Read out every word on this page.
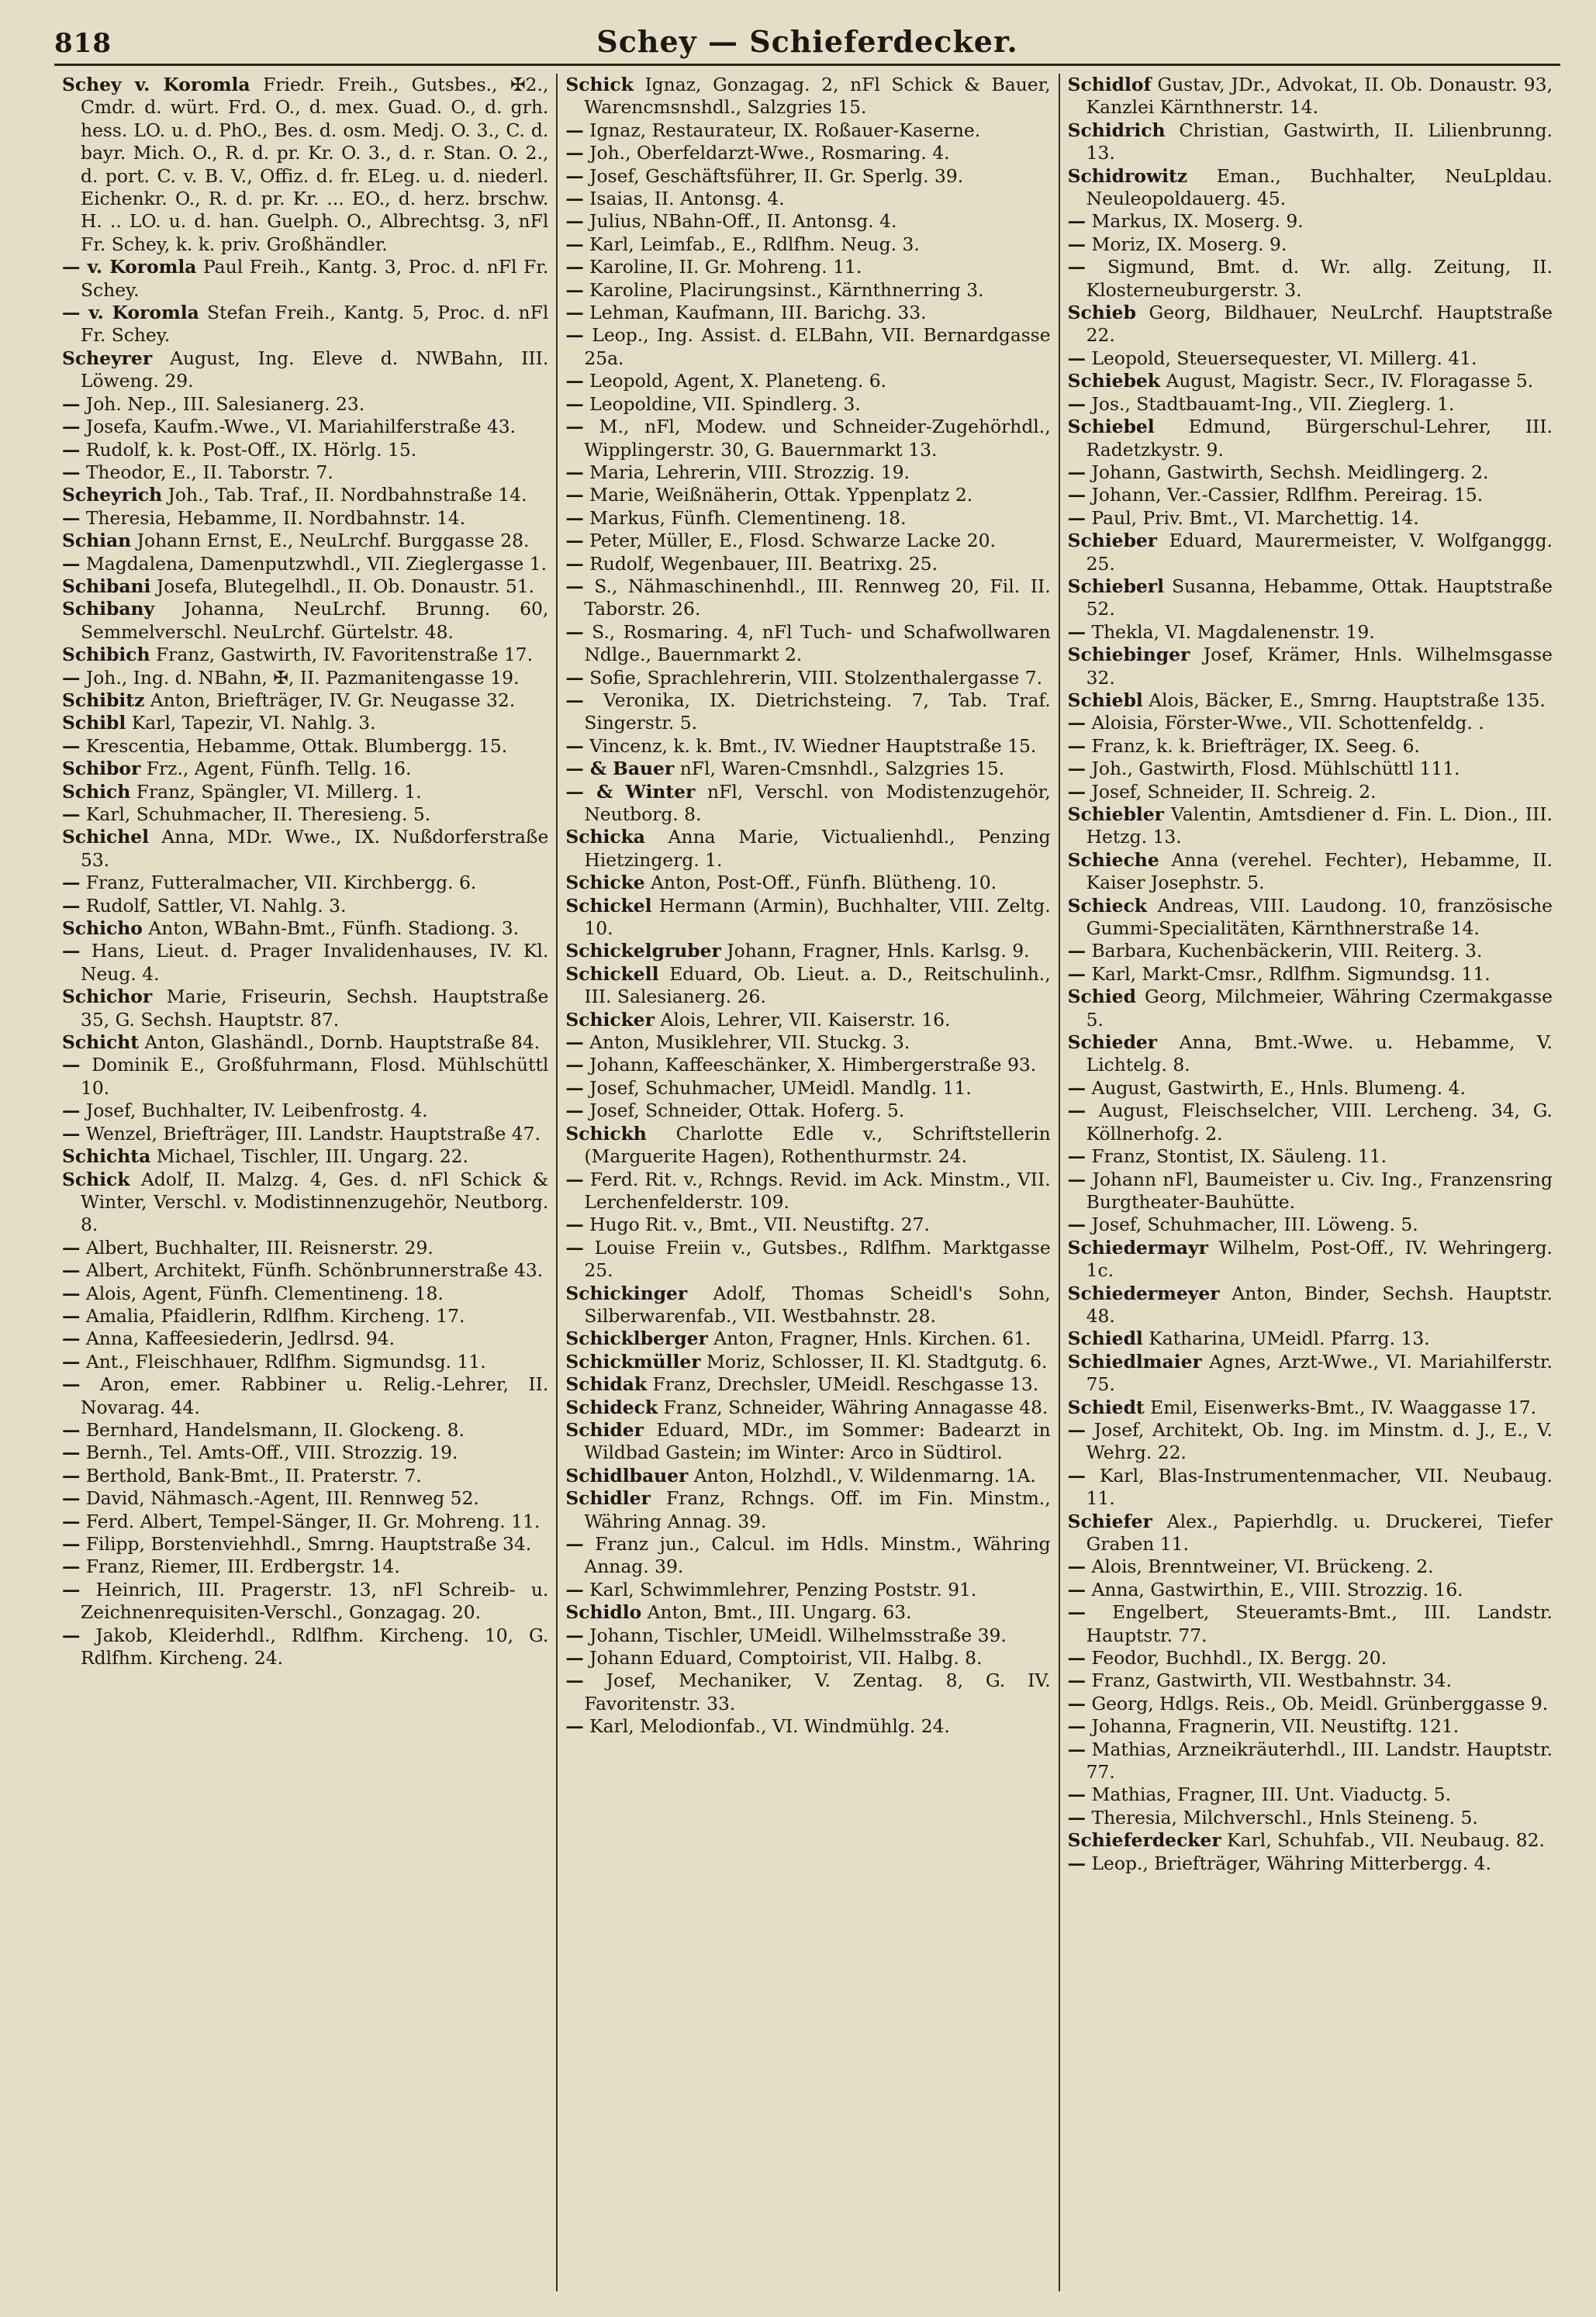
818	Schey — Schieferdecker.
Schey v. Koromla Friedr. Freih., Gutsbes., ✠2., Cmdr. d. würt. Frd. O., d. mex. Guad. O., d. grh. hess. LO. u. d. PhO., Bes. d. osm. Medj. O. 3., C. d. bayr. Mich. O., R. d. pr. Kr. O. 3., d. r. Stan. O. 2., d. port. C. v. B. V., Offiz. d. fr. ELeg. u. d. niederl. Eichenkr. O., R. d. pr. Kr. ... EO., d. herz. brschw. H. .. LO. u. d. han. Guelph. O., Albrechtsg. 3, nFl Fr. Schey, k. k. priv. Großhändler.
— v. Koromla Paul Freih., Kantg. 3, Proc. d. nFl Fr. Schey.
— v. Koromla Stefan Freih., Kantg. 5, Proc. d. nFl Fr. Schey.
Scheyrer August, Ing. Eleve d. NWBahn, III. Löweng. 29.
— Joh. Nep., III. Salesianerg. 23.
— Josefa, Kaufm.-Wwe., VI. Mariahilferstraße 43.
— Rudolf, k. k. Post-Off., IX. Hörlg. 15.
— Theodor, E., II. Taborstr. 7.
Scheyrich Joh., Tab. Traf., II. Nordbahnstraße 14.
— Theresia, Hebamme, II. Nordbahnstr. 14.
Schian Johann Ernst, E., NeuLrchf. Burggasse 28.
— Magdalena, Damenputzwhdl., VII. Zieglergasse 1.
Schibani Josefa, Blutegelhdl., II. Ob. Donaustr. 51.
Schibany Johanna, NeuLrchf. Brunng. 60, Semmelverschl. NeuLrchf. Gürtelstr. 48.
Schibich Franz, Gastwirth, IV. Favoritenstraße 17.
— Joh., Ing. d. NBahn, ✠, II. Pazmanitengasse 19.
Schibitz Anton, Briefträger, IV. Gr. Neugasse 32.
Schibl Karl, Tapezir, VI. Nahlg. 3.
— Krescentia, Hebamme, Ottak. Blumbergg. 15.
Schibor Frz., Agent, Fünfh. Tellg. 16.
Schich Franz, Spängler, VI. Millerg. 1.
— Karl, Schuhmacher, II. Theresieng. 5.
Schichel Anna, MDr. Wwe., IX. Nußdorferstraße 53.
— Franz, Futteralmacher, VII. Kirchbergg. 6.
— Rudolf, Sattler, VI. Nahlg. 3.
Schicho Anton, WBahn-Bmt., Fünfh. Stadiong. 3.
— Hans, Lieut. d. Prager Invalidenhauses, IV. Kl. Neug. 4.
Schichor Marie, Friseurin, Sechsh. Hauptstraße 35, G. Sechsh. Hauptstr. 87.
Schicht Anton, Glashändl., Dornb. Hauptstraße 84.
— Dominik E., Großfuhrmann, Flosd. Mühlschüttl 10.
— Josef, Buchhalter, IV. Leibenfrostg. 4.
— Wenzel, Briefträger, III. Landstr. Hauptstraße 47.
Schichta Michael, Tischler, III. Ungarg. 22.
Schick Adolf, II. Malzg. 4, Ges. d. nFl Schick & Winter, Verschl. v. Modistinnenzugehör, Neutborg. 8.
— Albert, Buchhalter, III. Reisnerstr. 29.
— Albert, Architekt, Fünfh. Schönbrunnerstraße 43.
— Alois, Agent, Fünfh. Clementineng. 18.
— Amalia, Pfaidlerin, Rdlfhm. Kircheng. 17.
— Anna, Kaffeesiederin, Jedlrsd. 94.
— Ant., Fleischhauer, Rdlfhm. Sigmundsg. 11.
— Aron, emer. Rabbiner u. Relig.-Lehrer, II. Novarag. 44.
— Bernhard, Handelsmann, II. Glockeng. 8.
— Bernh., Tel. Amts-Off., VIII. Strozzig. 19.
— Berthold, Bank-Bmt., II. Praterstr. 7.
— David, Nähmasch.-Agent, III. Rennweg 52.
— Ferd. Albert, Tempel-Sänger, II. Gr. Mohreng. 11.
— Filipp, Borstenviehhdl., Smrng. Hauptstraße 34.
— Franz, Riemer, III. Erdbergstr. 14.
— Heinrich, III. Pragerstr. 13, nFl Schreib- u. Zeichnenrequisiten-Verschl., Gonzagag. 20.
— Jakob, Kleiderhdl., Rdlfhm. Kircheng. 10, G. Rdlfhm. Kircheng. 24.
Schick Ignaz, Gonzagag. 2, nFl Schick & Bauer, Warencmsnshdl., Salzgries 15.
— Ignaz, Restaurateur, IX. Roßauer-Kaserne.
— Joh., Oberfeldarzt-Wwe., Rosmaring. 4.
— Josef, Geschäftsführer, II. Gr. Sperlg. 39.
— Isaias, II. Antonsg. 4.
— Julius, NBahn-Off., II. Antonsg. 4.
— Karl, Leimfab., E., Rdlfhm. Neug. 3.
— Karoline, II. Gr. Mohreng. 11.
— Karoline, Placirungsinst., Kärnthnerring 3.
— Lehman, Kaufmann, III. Barichg. 33.
— Leop., Ing. Assist. d. ELBahn, VII. Bernardgasse 25a.
— Leopold, Agent, X. Planeteng. 6.
— Leopoldine, VII. Spindlerg. 3.
— M., nFl, Modew. und Schneider-Zugehörhdl., Wipplingerstr. 30, G. Bauernmarkt 13.
— Maria, Lehrerin, VIII. Strozzig. 19.
— Marie, Weißnäherin, Ottak. Yppenplatz 2.
— Markus, Fünfh. Clementineng. 18.
— Peter, Müller, E., Flosd. Schwarze Lacke 20.
— Rudolf, Wegenbauer, III. Beatrixg. 25.
— S., Nähmaschinenhdl., III. Rennweg 20, Fil. II. Taborstr. 26.
— S., Rosmaring. 4, nFl Tuch- und Schafwollwaren Ndlge., Bauernmarkt 2.
— Sofie, Sprachlehrerin, VIII. Stolzenthalergasse 7.
— Veronika, IX. Dietrichsteing. 7, Tab. Traf. Singerstr. 5.
— Vincenz, k. k. Bmt., IV. Wiedner Hauptstraße 15.
— & Bauer nFl, Waren-Cmsnhdl., Salzgries 15.
— & Winter nFl, Verschl. von Modistenzugehör, Neutborg. 8.
Schicka Anna Marie, Victualienhdl., Penzing Hietzingerg. 1.
Schicke Anton, Post-Off., Fünfh. Blütheng. 10.
Schickel Hermann (Armin), Buchhalter, VIII. Zeltg. 10.
Schickelgruber Johann, Fragner, Hnls. Karlsg. 9.
Schickell Eduard, Ob. Lieut. a. D., Reitschulinh., III. Salesianerg. 26.
Schicker Alois, Lehrer, VII. Kaiserstr. 16.
— Anton, Musiklehrer, VII. Stuckg. 3.
— Johann, Kaffeeschänker, X. Himbergerstraße 93.
— Josef, Schuhmacher, UMeidl. Mandlg. 11.
— Josef, Schneider, Ottak. Hoferg. 5.
Schickh Charlotte Edle v., Schriftstellerin (Marguerite Hagen), Rothenthurmstr. 24.
— Ferd. Rit. v., Rchngs. Revid. im Ack. Minstm., VII. Lerchenfelderstr. 109.
— Hugo Rit. v., Bmt., VII. Neustiftg. 27.
— Louise Freiin v., Gutsbes., Rdlfhm. Marktgasse 25.
Schickinger Adolf, Thomas Scheidl's Sohn, Silberwarenfab., VII. Westbahnstr. 28.
Schicklberger Anton, Fragner, Hnls. Kirchen. 61.
Schickmüller Moriz, Schlosser, II. Kl. Stadtgutg. 6.
Schidak Franz, Drechsler, UMeidl. Reschgasse 13.
Schideck Franz, Schneider, Währing Annagasse 48.
Schider Eduard, MDr., im Sommer: Badearzt in Wildbad Gastein; im Winter: Arco in Südtirol.
Schidlbauer Anton, Holzhdl., V. Wildenmarng. 1A.
Schidler Franz, Rchngs. Off. im Fin. Minstm., Währing Annag. 39.
— Franz jun., Calcul. im Hdls. Minstm., Währing Annag. 39.
— Karl, Schwimmlehrer, Penzing Poststr. 91.
Schidlo Anton, Bmt., III. Ungarg. 63.
— Johann, Tischler, UMeidl. Wilhelmsstraße 39.
— Johann Eduard, Comptoirist, VII. Halbg. 8.
— Josef, Mechaniker, V. Zentag. 8, G. IV. Favoritenstr. 33.
— Karl, Melodionfab., VI. Windmühlg. 24.
Schidlof Gustav, JDr., Advokat, II. Ob. Donaustr. 93, Kanzlei Kärnthnerstr. 14.
Schidrich Christian, Gastwirth, II. Lilienbrunng. 13.
Schidrowitz Eman., Buchhalter, NeuLpldau. Neuleopoldauerg. 45.
— Markus, IX. Moserg. 9.
— Moriz, IX. Moserg. 9.
— Sigmund, Bmt. d. Wr. allg. Zeitung, II. Klosterneuburgerstr. 3.
Schieb Georg, Bildhauer, NeuLrchf. Hauptstraße 22.
— Leopold, Steuersequester, VI. Millerg. 41.
Schiebek August, Magistr. Secr., IV. Floragasse 5.
— Jos., Stadtbauamt-Ing., VII. Zieglerg. 1.
Schiebel Edmund, Bürgerschul-Lehrer, III. Radetzkystr. 9.
— Johann, Gastwirth, Sechsh. Meidlingerg. 2.
— Johann, Ver.-Cassier, Rdlfhm. Pereirag. 15.
— Paul, Priv. Bmt., VI. Marchettig. 14.
Schieber Eduard, Maurermeister, V. Wolfganggg. 25.
Schieberl Susanna, Hebamme, Ottak. Hauptstraße 52.
— Thekla, VI. Magdalenenstr. 19.
Schiebinger Josef, Krämer, Hnls. Wilhelmsgasse 32.
Schiebl Alois, Bäcker, E., Smrng. Hauptstraße 135.
— Aloisia, Förster-Wwe., VII. Schottenfeldg. .
— Franz, k. k. Briefträger, IX. Seeg. 6.
— Joh., Gastwirth, Flosd. Mühlschüttl 111.
— Josef, Schneider, II. Schreig. 2.
Schiebler Valentin, Amtsdiener d. Fin. L. Dion., III. Hetzg. 13.
Schieche Anna (verehel. Fechter), Hebamme, II. Kaiser Josephstr. 5.
Schieck Andreas, VIII. Laudong. 10, französische Gummi-Specialitäten, Kärnthnerstraße 14.
— Barbara, Kuchenbäckerin, VIII. Reiterg. 3.
— Karl, Markt-Cmsr., Rdlfhm. Sigmundsg. 11.
Schied Georg, Milchmeier, Währing Czermakgasse 5.
Schieder Anna, Bmt.-Wwe. u. Hebamme, V. Lichtelg. 8.
— August, Gastwirth, E., Hnls. Blumeng. 4.
— August, Fleischselcher, VIII. Lercheng. 34, G. Köllnerhofg. 2.
— Franz, Stontist, IX. Säuleng. 11.
— Johann nFl, Baumeister u. Civ. Ing., Franzensring Burgtheater-Bauhütte.
— Josef, Schuhmacher, III. Löweng. 5.
Schiedermayr Wilhelm, Post-Off., IV. Wehringerg. 1c.
Schiedermeyer Anton, Binder, Sechsh. Hauptstr. 48.
Schiedl Katharina, UMeidl. Pfarrg. 13.
Schiedlmaier Agnes, Arzt-Wwe., VI. Mariahilferstr. 75.
Schiedt Emil, Eisenwerks-Bmt., IV. Waaggasse 17.
— Josef, Architekt, Ob. Ing. im Minstm. d. J., E., V. Wehrg. 22.
— Karl, Blas-Instrumentenmacher, VII. Neubaug. 11.
Schiefer Alex., Papierhdlg. u. Druckerei, Tiefer Graben 11.
— Alois, Brenntweiner, VI. Brückeng. 2.
— Anna, Gastwirthin, E., VIII. Strozzig. 16.
— Engelbert, Steueramts-Bmt., III. Landstr. Hauptstr. 77.
— Feodor, Buchhdl., IX. Bergg. 20.
— Franz, Gastwirth, VII. Westbahnstr. 34.
— Georg, Hdlgs. Reis., Ob. Meidl. Grünberggasse 9.
— Johanna, Fragnerin, VII. Neustiftg. 121.
— Mathias, Arzneikräuterhdl., III. Landstr. Hauptstr. 77.
— Mathias, Fragner, III. Unt. Viaductg. 5.
— Theresia, Milchverschl., Hnls Steineng. 5.
Schieferdecker Karl, Schuhfab., VII. Neubaug. 82.
— Leop., Briefträger, Währing Mitterbergg. 4.
